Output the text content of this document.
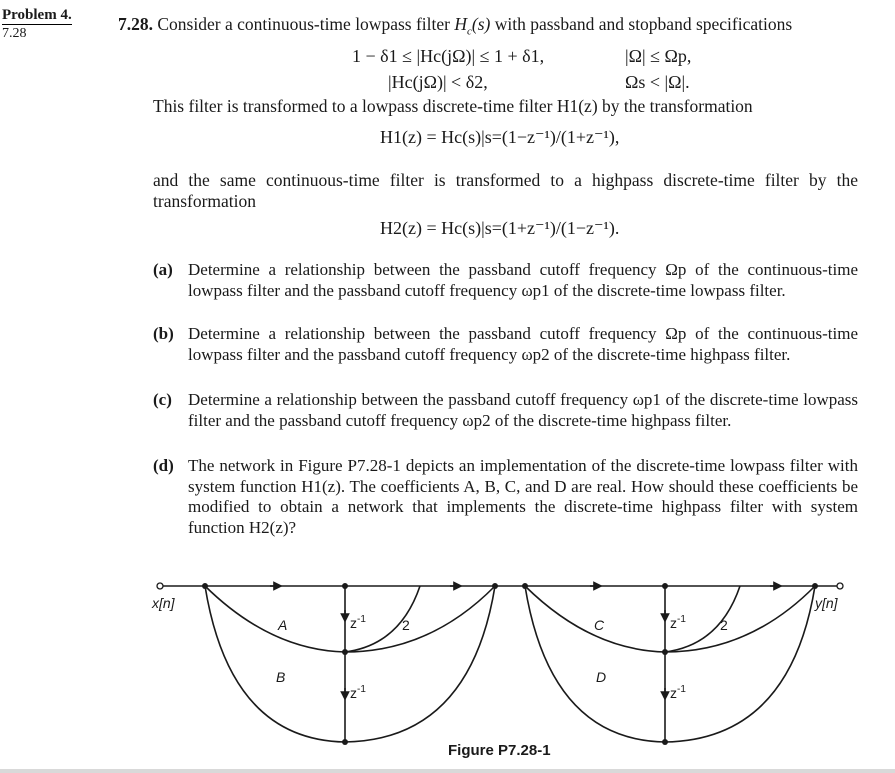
Problem 4.
7.28	7.28. Consider a continuous-time lowpass filter $H_c(s)$ with passband and stopband specifications
1 − δ1 ≤ |Hc(jΩ)| ≤ 1 + δ1,	|Ω| ≤ Ωp,
|Hc(jΩ)| < δ2,	Ωs < |Ω|.
This filter is transformed to a lowpass discrete-time filter H1(z) by the transformation
H1(z) = Hc(s)|s=(1−z⁻¹)/(1+z⁻¹),
and the same continuous-time filter is transformed to a highpass discrete-time filter by the transformation
H2(z) = Hc(s)|s=(1+z⁻¹)/(1−z⁻¹).
(a) Determine a relationship between the passband cutoff frequency Ωp of the continuous-time lowpass filter and the passband cutoff frequency ωp1 of the discrete-time lowpass filter.
(b) Determine a relationship between the passband cutoff frequency Ωp of the continuous-time lowpass filter and the passband cutoff frequency ωp2 of the discrete-time highpass filter.
(c) Determine a relationship between the passband cutoff frequency ωp1 of the discrete-time lowpass filter and the passband cutoff frequency ωp2 of the discrete-time highpass filter.
(d) The network in Figure P7.28-1 depicts an implementation of the discrete-time lowpass filter with system function H1(z). The coefficients A, B, C, and D are real. How should these coefficients be modified to obtain a network that implements the discrete-time highpass filter with system function H2(z)?
x[n]	y[n]
A
B
C
D
$z^{-1}$
$z^{-1}$
$z^{-1}$
$z^{-1}$
2	2
Figure P7.28-1
